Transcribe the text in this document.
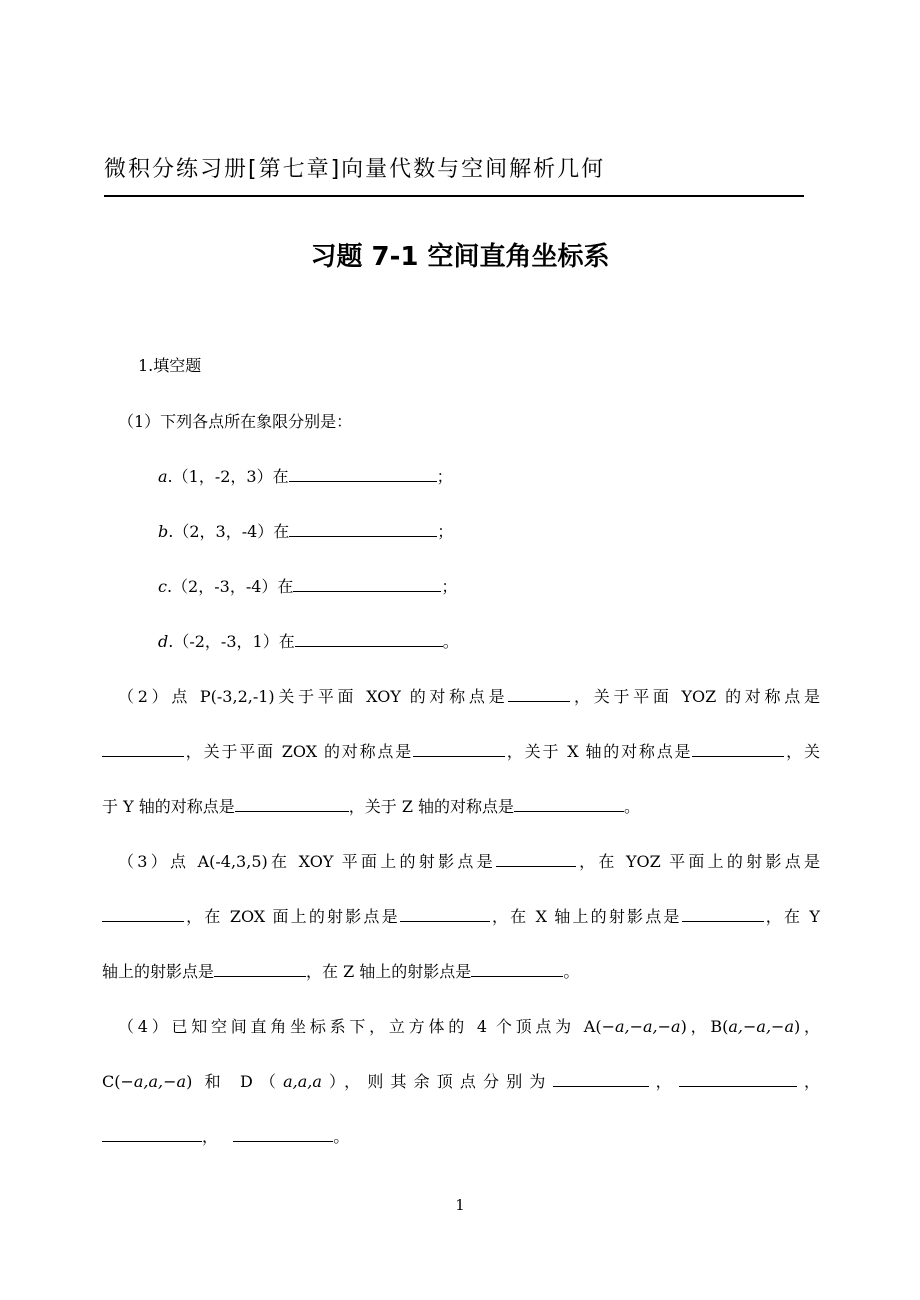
微积分练习册[第七章]向量代数与空间解析几何
习题 7-1 空间直角坐标系
1.填空题
（1）下列各点所在象限分别是：
a.（1，-2，3）在	；
b.（2，3，-4）在	；
c.（2，-3，-4）在	；
d.（-2，-3，1）在	。
（2）点 P(-3,2,-1)关于平面 XOY 的对称点是	，关于平面 YOZ 的对称点是
，关于平面 ZOX 的对称点是	，关于 X 轴的对称点是	，关
于 Y 轴的对称点是	，关于 Z 轴的对称点是	。
（3）点 A(-4,3,5)在 XOY 平面上的射影点是	，在 YOZ 平面上的射影点是
，在 ZOX 面上的射影点是	，在 X 轴上的射影点是	，在 Y
轴上的射影点是	，在 Z 轴上的射影点是	。
（4）已知空间直角坐标系下，立方体的 4 个顶点为 A(−a,−a,−a)，B(a,−a,−a)，
C(−a,a,−a) 和 D（a,a,a），则其余顶点分别为	，	，
，	。
1
